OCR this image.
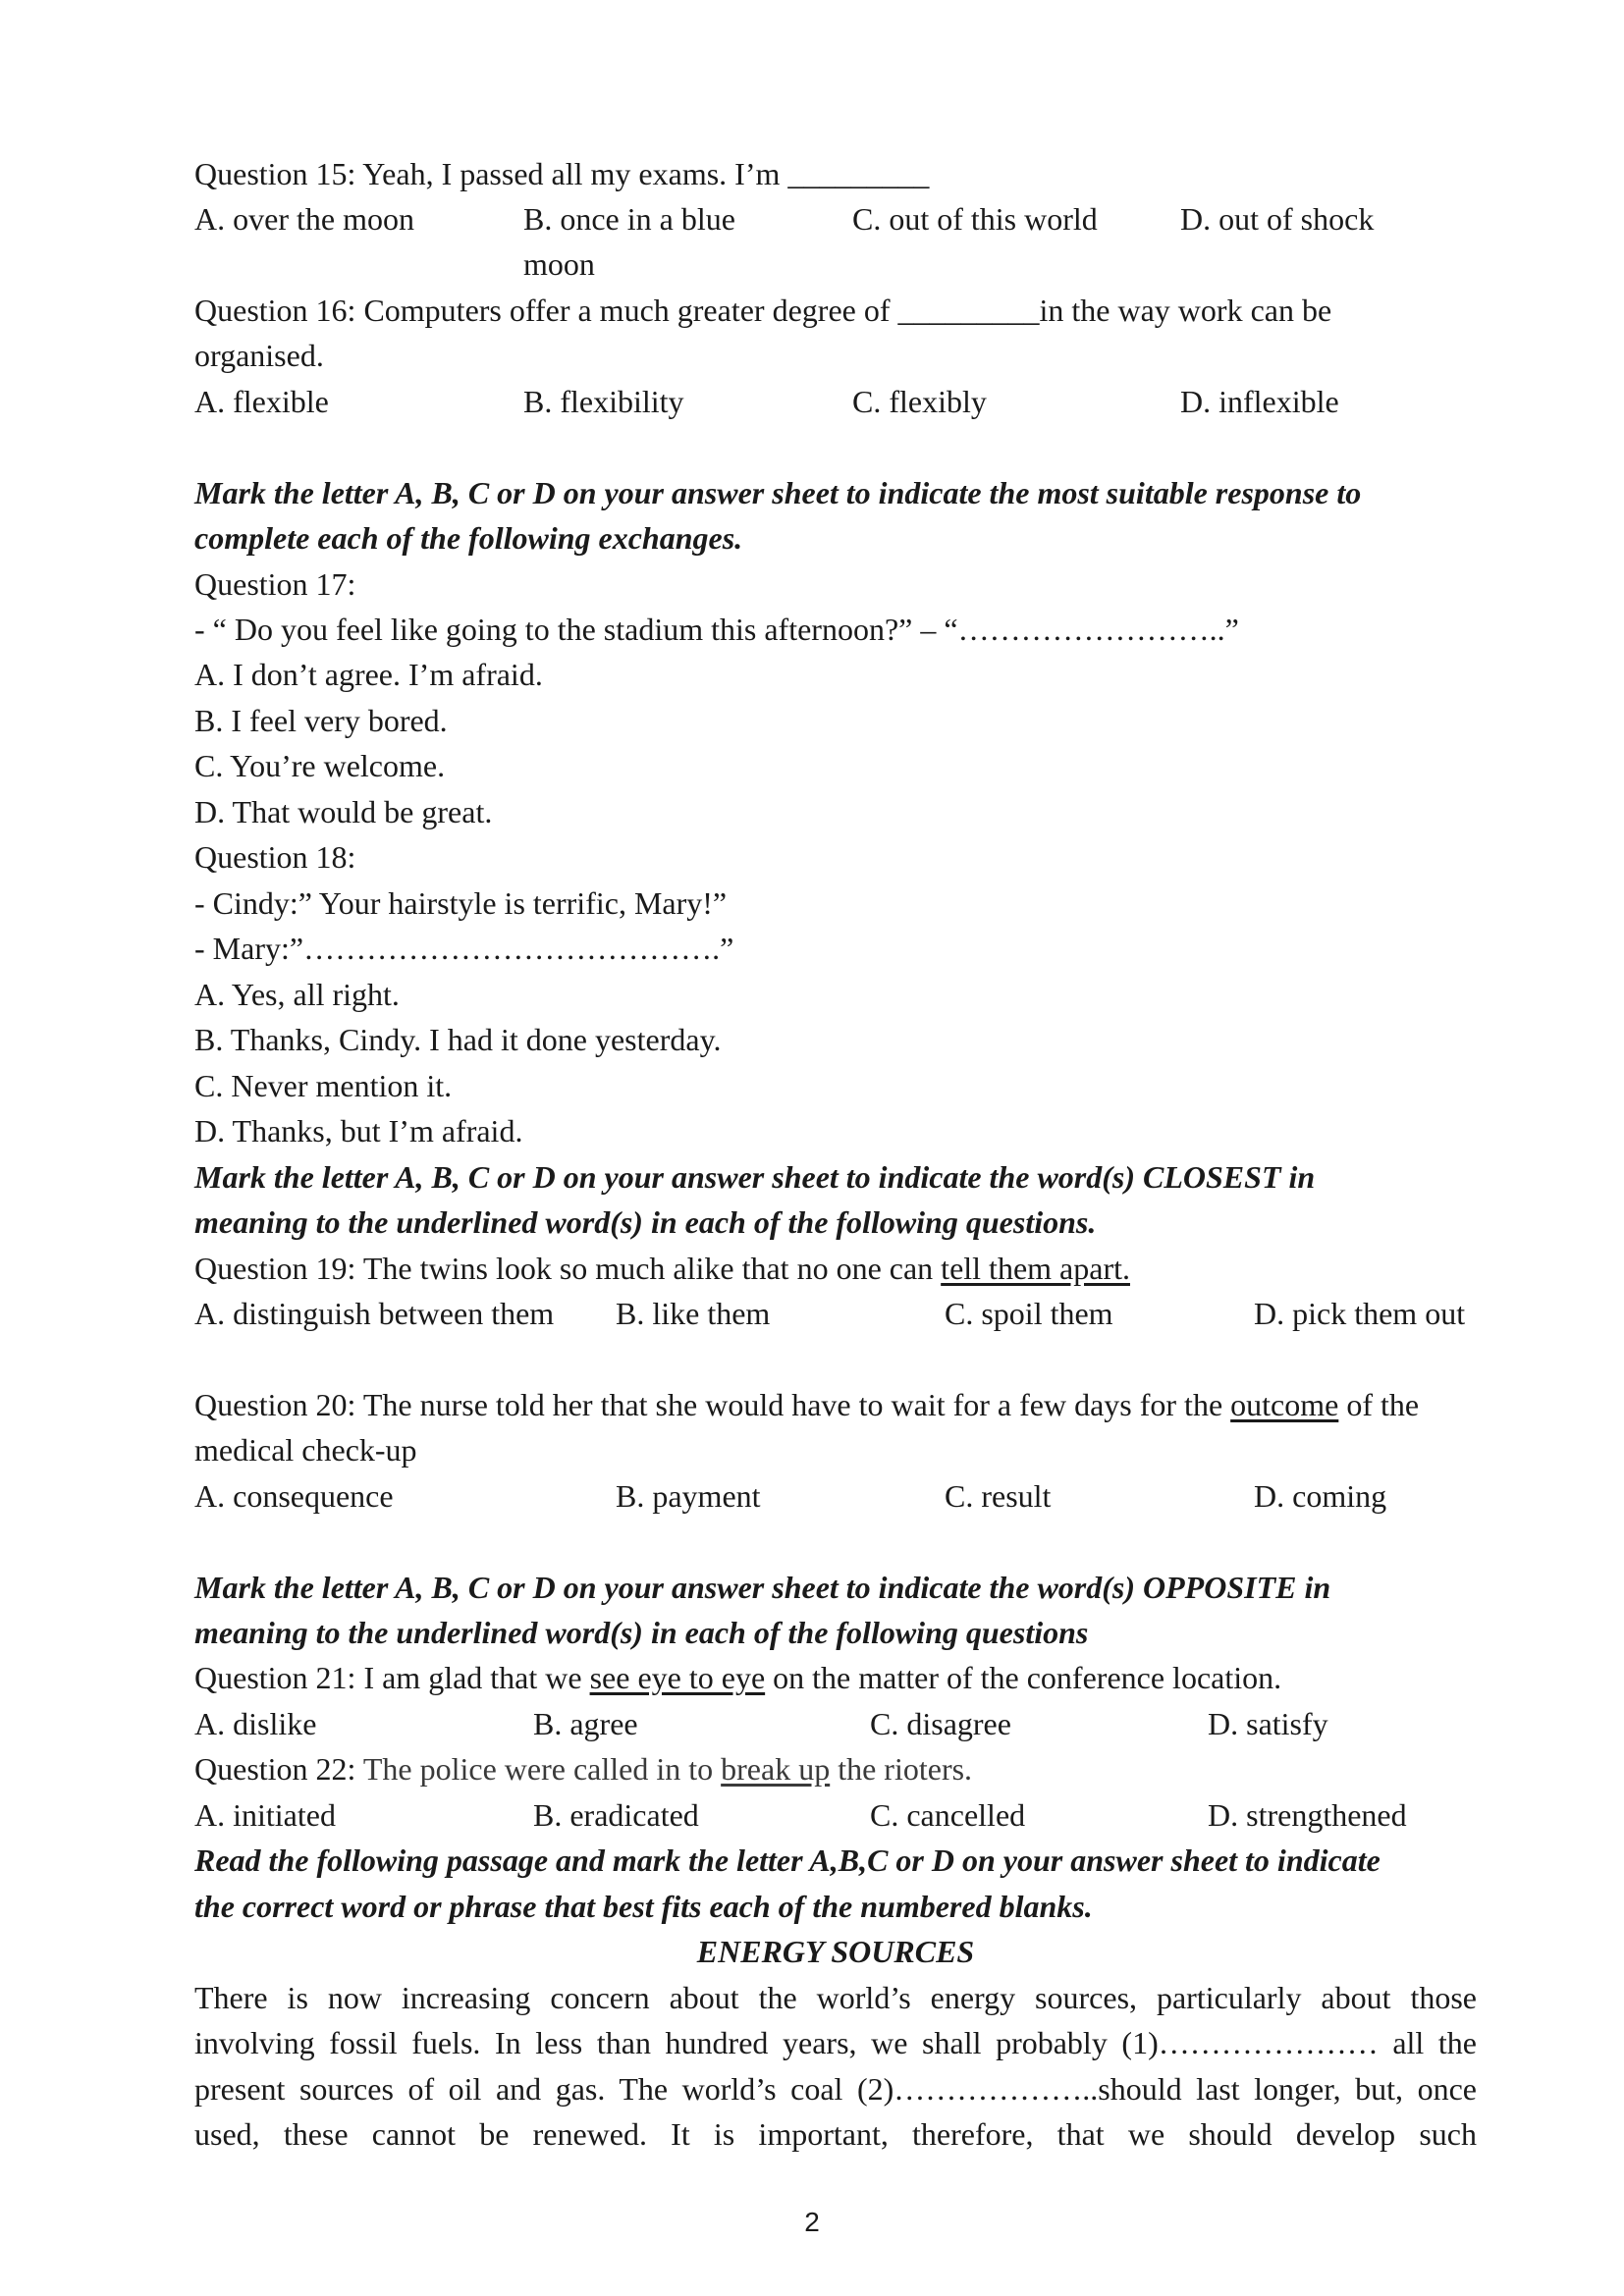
Question 15: Yeah, I passed all my exams. I’m _________
A. over the moon	B. once in a blue
moon
C. out of this world	D. out of shock
Question 16: Computers offer a much greater degree of _________in the way work can be
organised.
A. flexible	B. flexibility	C. flexibly	D. inflexible
Mark the letter A, B, C or D on your answer sheet to indicate the most suitable response to
complete each of the following exchanges.
Question 17:
- “ Do you feel like going to the stadium this afternoon?” – “……………………..”
A. I don’t agree. I’m afraid.
B. I feel very bored.
C. You’re welcome.
D. That would be great.
Question 18:
- Cindy:” Your hairstyle is terrific, Mary!”
- Mary:”………………………………….”
A. Yes, all right.
B. Thanks, Cindy. I had it done yesterday.
C. Never mention it.
D. Thanks, but I’m afraid.
Mark the letter A, B, C or D on your answer sheet to indicate the word(s) CLOSEST in
meaning to the underlined word(s) in each of the following questions.
Question 19: The twins look so much alike that no one can tell them apart.
A. distinguish between them B. like them	C. spoil them	D. pick them out
Question 20: The nurse told her that she would have to wait for a few days for the outcome of the
medical check-up
A. consequence	B. payment	C. result	D. coming
Mark the letter A, B, C or D on your answer sheet to indicate the word(s) OPPOSITE in
meaning to the underlined word(s) in each of the following questions
Question 21: I am glad that we see eye to eye on the matter of the conference location.
A. dislike	B. agree	C. disagree	D. satisfy
Question 22: The police were called in to break up the rioters.
A. initiated	B. eradicated	C. cancelled	D. strengthened
Read the following passage and mark the letter A,B,C or D on your answer sheet to indicate
the correct word or phrase that best fits each of the numbered blanks.
ENERGY SOURCES
There is now increasing concern about the world’s energy sources, particularly about those
involving fossil fuels. In less than hundred years, we shall probably (1)………………… all the
present sources of oil and gas. The world’s coal (2)………………..should last longer, but, once
used, these cannot be renewed. It is important, therefore, that we should develop such
2
